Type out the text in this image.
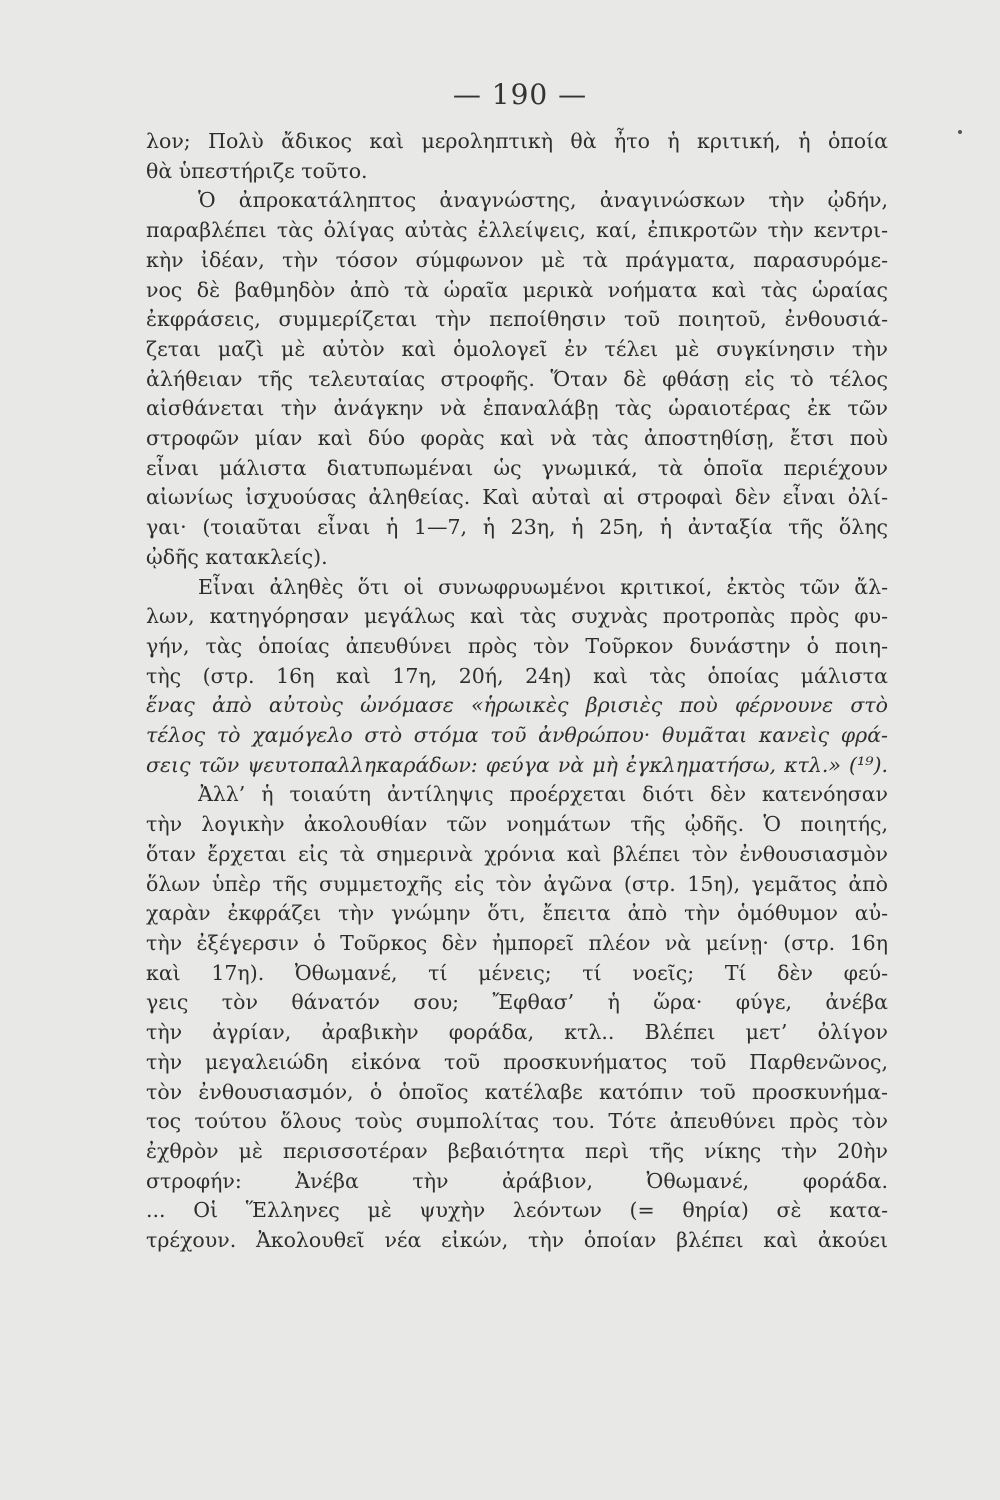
— 190 —
λον; Πολὺ ἄδικος καὶ μεροληπτικὴ θὰ ἦτο ἡ κριτική, ἡ ὁποία
θὰ ὑπεστήριζε τοῦτο.
Ὁ ἀπροκατάληπτος ἀναγνώστης, ἀναγινώσκων τὴν ᾠδήν,
παραβλέπει τὰς ὀλίγας αὐτὰς ἐλλείψεις, καί, ἐπικροτῶν τὴν κεντρι-
κὴν ἰδέαν, τὴν τόσον σύμφωνον μὲ τὰ πράγματα, παρασυρόμε-
νος δὲ βαθμηδὸν ἀπὸ τὰ ὡραῖα μερικὰ νοήματα καὶ τὰς ὡραίας
ἐκφράσεις, συμμερίζεται τὴν πεποίθησιν τοῦ ποιητοῦ, ἐνθουσιά-
ζεται μαζὶ μὲ αὐτὸν καὶ ὁμολογεῖ ἐν τέλει μὲ συγκίνησιν τὴν
ἀλήθειαν τῆς τελευταίας στροφῆς. Ὅταν δὲ φθάσῃ εἰς τὸ τέλος
αἰσθάνεται τὴν ἀνάγκην νὰ ἐπαναλάβῃ τὰς ὡραιοτέρας ἐκ τῶν
στροφῶν μίαν καὶ δύο φορὰς καὶ νὰ τὰς ἀποστηθίσῃ, ἔτσι ποὺ
εἶναι μάλιστα διατυπωμέναι ὡς γνωμικά, τὰ ὁποῖα περιέχουν
αἰωνίως ἰσχυούσας ἀληθείας. Καὶ αὐταὶ αἱ στροφαὶ δὲν εἶναι ὀλί-
γαι· (τοιαῦται εἶναι ἡ 1—7, ἡ 23η, ἡ 25η, ἡ ἀνταξία τῆς ὅλης
ᾠδῆς κατακλείς).
Εἶναι ἀληθὲς ὅτι οἱ συνωφρυωμένοι κριτικοί, ἐκτὸς τῶν ἄλ-
λων, κατηγόρησαν μεγάλως καὶ τὰς συχνὰς προτροπὰς πρὸς φυ-
γήν, τὰς ὁποίας ἀπευθύνει πρὸς τὸν Τοῦρκον δυνάστην ὁ ποιη-
τὴς (στρ. 16η καὶ 17η, 20ή, 24η) καὶ τὰς ὁποίας μάλιστα
ἕνας ἀπὸ αὐτοὺς ὠνόμασε «ἡρωικὲς βρισιὲς ποὺ φέρνουνε στὸ
τέλος τὸ χαμόγελο στὸ στόμα τοῦ ἀνθρώπου· θυμᾶται κανεὶς φρά-
σεις τῶν ψευτοπαλληκαράδων: φεύγα νὰ μὴ ἐγκληματήσω, κτλ.» (¹⁹).
Ἀλλ’ ἡ τοιαύτη ἀντίληψις προέρχεται διότι δὲν κατενόησαν
τὴν λογικὴν ἀκολουθίαν τῶν νοημάτων τῆς ᾠδῆς. Ὁ ποιητής,
ὅταν ἔρχεται εἰς τὰ σημερινὰ χρόνια καὶ βλέπει τὸν ἐνθουσιασμὸν
ὅλων ὑπὲρ τῆς συμμετοχῆς εἰς τὸν ἀγῶνα (στρ. 15η), γεμᾶτος ἀπὸ
χαρὰν ἐκφράζει τὴν γνώμην ὅτι, ἔπειτα ἀπὸ τὴν ὁμόθυμον αὐ-
τὴν ἐξέγερσιν ὁ Τοῦρκος δὲν ἠμπορεῖ πλέον νὰ μείνῃ· (στρ. 16η
καὶ 17η). Ὀθωμανέ, τί μένεις; τί νοεῖς; Τί δὲν φεύ-
γεις τὸν θάνατόν σου; Ἔφθασ’ ἡ ὥρα· φύγε, ἀνέβα
τὴν ἀγρίαν, ἀραβικὴν φοράδα, κτλ.. Βλέπει μετ’ ὀλίγον
τὴν μεγαλειώδη εἰκόνα τοῦ προσκυνήματος τοῦ Παρθενῶνος,
τὸν ἐνθουσιασμόν, ὁ ὁποῖος κατέλαβε κατόπιν τοῦ προσκυνήμα-
τος τούτου ὅλους τοὺς συμπολίτας του. Τότε ἀπευθύνει πρὸς τὸν
ἐχθρὸν μὲ περισσοτέραν βεβαιότητα περὶ τῆς νίκης τὴν 20ὴν
στροφήν: Ἀνέβα τὴν ἀράβιον, Ὀθωμανέ, φοράδα.
... Οἱ Ἕλληνες μὲ ψυχὴν λεόντων (= θηρία) σὲ κατα-
τρέχουν. Ἀκολουθεῖ νέα εἰκών, τὴν ὁποίαν βλέπει καὶ ἀκούει
